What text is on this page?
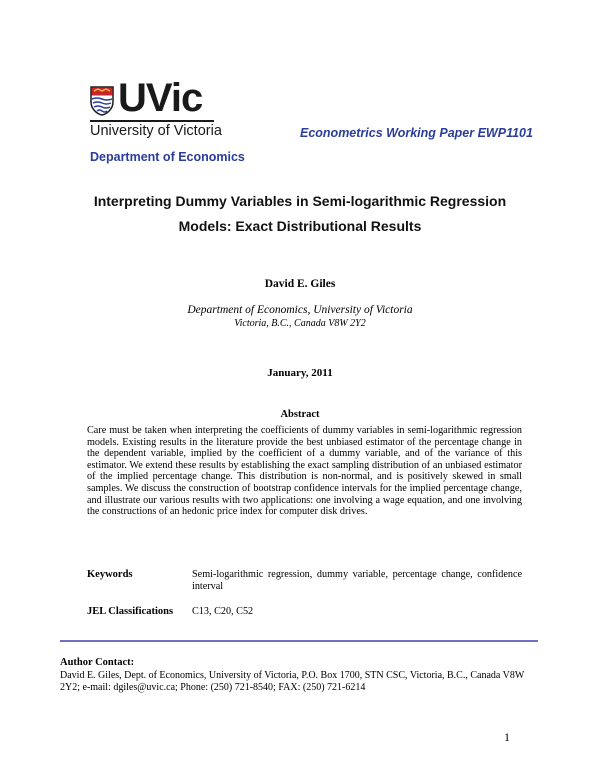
UVic
University of Victoria
Department of Economics
Econometrics Working Paper EWP1101
Interpreting Dummy Variables in Semi-logarithmic Regression
Models: Exact Distributional Results
David E. Giles
Department of Economics, University of Victoria
Victoria, B.C., Canada V8W 2Y2
January, 2011
Abstract
Care must be taken when interpreting the coefficients of dummy variables in semi-logarithmic regression models. Existing results in the literature provide the best unbiased estimator of the percentage change in the dependent variable, implied by the coefficient of a dummy variable, and of the variance of this estimator. We extend these results by establishing the exact sampling distribution of an unbiased estimator of the implied percentage change. This distribution is non-normal, and is positively skewed in small samples. We discuss the construction of bootstrap confidence intervals for the implied percentage change, and illustrate our various results with two applications: one involving a wage equation, and one involving the constructions of an hedonic price index for computer disk drives.
Keywords	Semi-logarithmic regression, dummy variable, percentage change, confidence interval
JEL Classifications C13, C20, C52
Author Contact:
David E. Giles, Dept. of Economics, University of Victoria, P.O. Box 1700, STN CSC, Victoria, B.C., Canada V8W 2Y2; e-mail: dgiles@uvic.ca; Phone: (250) 721-8540; FAX: (250) 721-6214
1
